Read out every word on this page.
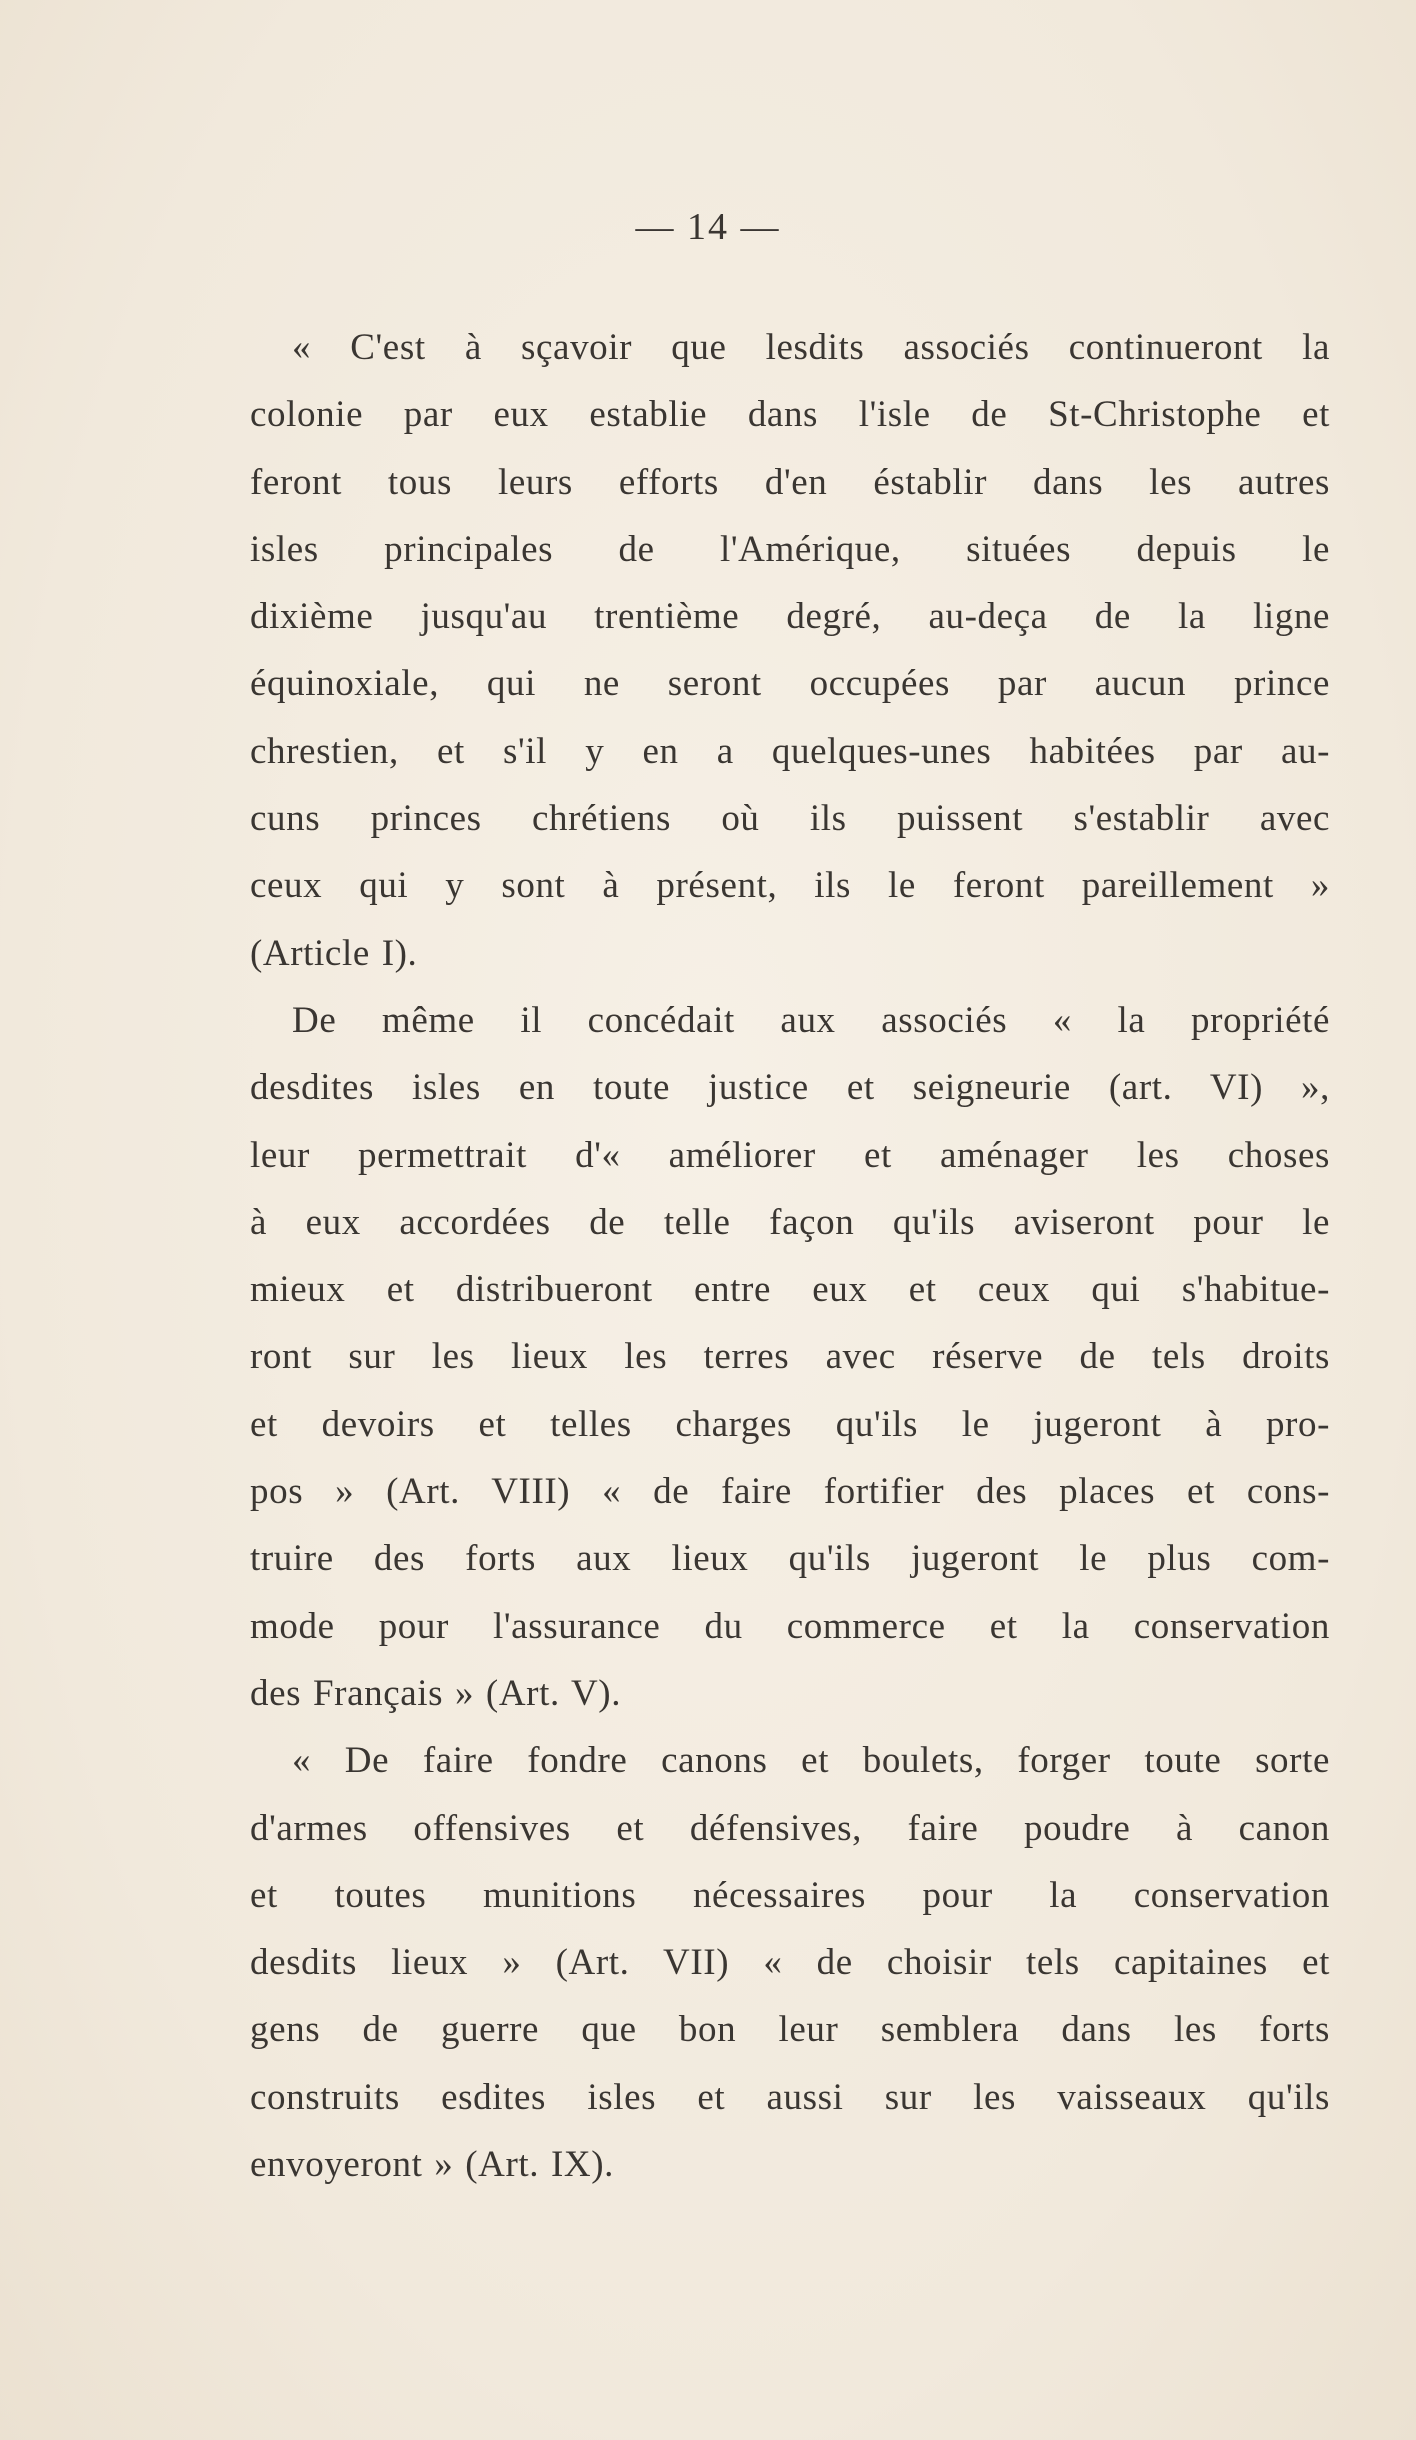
— 14 —
« C'est à sçavoir que lesdits associés continueront la
colonie par eux establie dans l'isle de St-Christophe et
feront tous leurs efforts d'en éstablir dans les autres
isles principales de l'Amérique, situées depuis le
dixième jusqu'au trentième degré, au-deça de la ligne
équinoxiale, qui ne seront occupées par aucun prince
chrestien, et s'il y en a quelques-unes habitées par au-
cuns princes chrétiens où ils puissent s'establir avec
ceux qui y sont à présent, ils le feront pareillement »
(Article I).
De même il concédait aux associés « la propriété
desdites isles en toute justice et seigneurie (art. VI) »,
leur permettrait d'« améliorer et aménager les choses
à eux accordées de telle façon qu'ils aviseront pour le
mieux et distribueront entre eux et ceux qui s'habitue-
ront sur les lieux les terres avec réserve de tels droits
et devoirs et telles charges qu'ils le jugeront à pro-
pos » (Art. VIII) « de faire fortifier des places et cons-
truire des forts aux lieux qu'ils jugeront le plus com-
mode pour l'assurance du commerce et la conservation
des Français » (Art. V).
« De faire fondre canons et boulets, forger toute sorte
d'armes offensives et défensives, faire poudre à canon
et toutes munitions nécessaires pour la conservation
desdits lieux » (Art. VII) « de choisir tels capitaines et
gens de guerre que bon leur semblera dans les forts
construits esdites isles et aussi sur les vaisseaux qu'ils
envoyeront » (Art. IX).
